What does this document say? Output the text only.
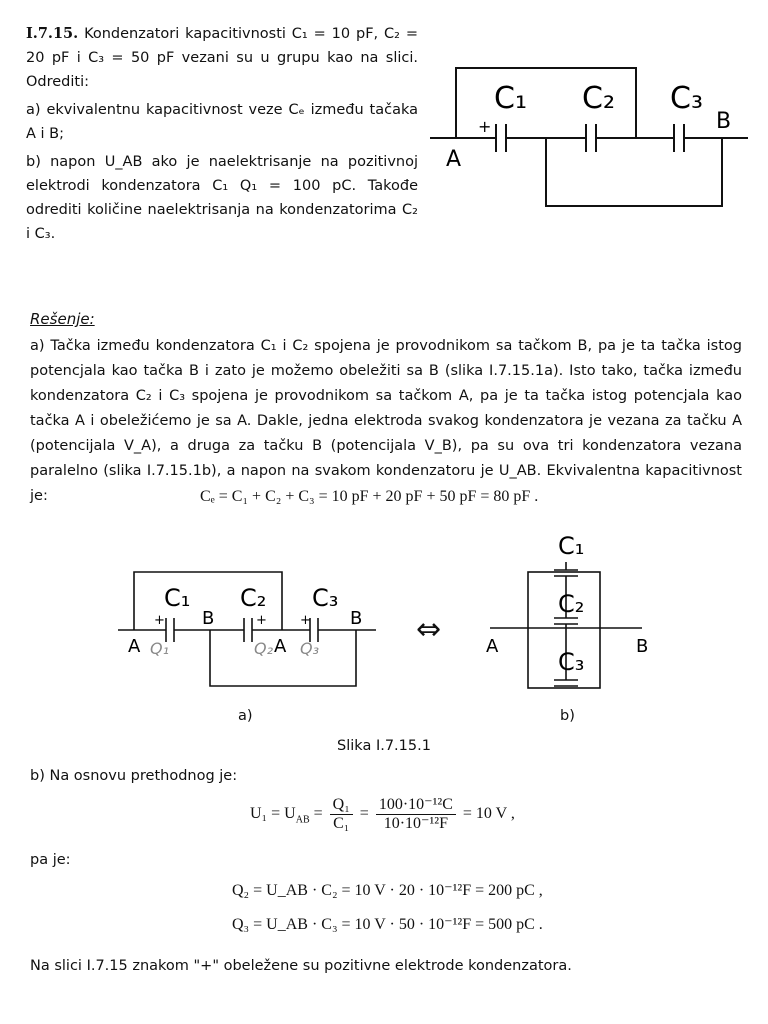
I.7.15. Kondenzatori kapacitivnosti C₁ = 10 pF, C₂ = 20 pF i C₃ = 50 pF vezani su u grupu kao na slici. Odrediti:

a) ekvivalentnu kapacitivnost veze Cₑ između tačaka A i B;

b) napon U_AB ako je naelektrisanje na pozitivnoj elektrodi kondenzatora C₁ Q₁ = 100 pC. Takođe odrediti količine naelektrisanja na kondenzatorima C₂ i C₃.

C₁ C₂ C₃
B
A
+
Rešenje:
a) Tačka između kondenzatora C₁ i C₂ spojena je provodnikom sa tačkom B, pa je ta tačka istog potencjala kao tačka B i zato je možemo obeležiti sa B (slika I.7.15.1a). Isto tako, tačka između kondenzatora C₂ i C₃ spojena je provodnikom sa tačkom A, pa je ta tačka istog potencjala kao tačka A i obeležićemo je sa A. Dakle, jedna elektroda svakog kondenzatora je vezana za tačku A (potencijala V_A), a druga za tačku B (potencijala V_B), pa su ova tri kondenzatora vezana paralelno (slika I.7.15.1b), a napon na svakom kondenzatoru je U_AB. Ekvivalentna kapacitivnost je:	Cₑ = C₁ + C₂ + C₃ = 10 pF + 20 pF + 50 pF = 80 pF .
C₁ C₂ C₃
B	B
A	A
+	+	+
Q₁	Q₂ Q₃
⇔
C₁
C₂
C₃
A	B
a)	b)
Slika I.7.15.1
b) Na osnovu prethodnog je:
$U_1 = U_{AB} = \frac{\text{Q₁}}{\text{C₁}} = \frac{\text{100·10⁻¹²C}}{\text{10·10⁻¹²F}} = 10$ V ,
pa je:
Q₂ = U_AB · C₂ = 10 V · 20 · 10⁻¹²F = 200 pC ,
Q₃ = U_AB · C₃ = 10 V · 50 · 10⁻¹²F = 500 pC .
Na slici I.7.15 znakom "+" obeležene su pozitivne elektrode kondenzatora.
